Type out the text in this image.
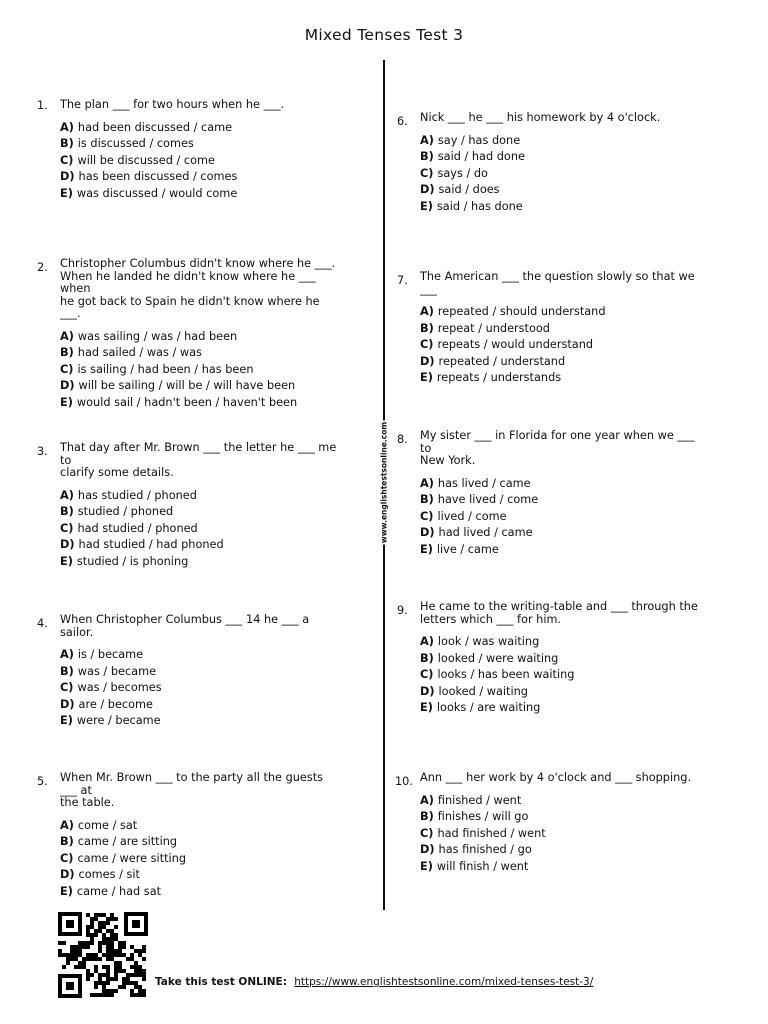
Mixed Tenses Test 3
www.englishtestsonline.com
1. The plan ___ for two hours when he ___.
A) had been discussed / came
B) is discussed / comes
C) will be discussed / come
D) has been discussed / comes
E) was discussed / would come
2. Christopher Columbus didn't know where he ___.
When he landed he didn't know where he ___ when
he got back to Spain he didn't know where he ___.
A) was sailing / was / had been
B) had sailed / was / was
C) is sailing / had been / has been
D) will be sailing / will be / will have been
E) would sail / hadn't been / haven't been
3. That day after Mr. Brown ___ the letter he ___ me to
clarify some details.
A) has studied / phoned
B) studied / phoned
C) had studied / phoned
D) had studied / had phoned
E) studied / is phoning
4. When Christopher Columbus ___ 14 he ___ a sailor.
A) is / became
B) was / became
C) was / becomes
D) are / become
E) were / became
5. When Mr. Brown ___ to the party all the guests ___ at
the table.
A) come / sat
B) came / are sitting
C) came / were sitting
D) comes / sit
E) came / had sat
6. Nick ___ he ___ his homework by 4 o'clock.
A) say / has done
B) said / had done
C) says / do
D) said / does
E) said / has done
7. The American ___ the question slowly so that we ___
A) repeated / should understand
B) repeat / understood
C) repeats / would understand
D) repeated / understand
E) repeats / understands
8. My sister ___ in Florida for one year when we ___ to
New York.
A) has lived / came
B) have lived / come
C) lived / come
D) had lived / came
E) live / came
9. He came to the writing-table and ___ through the
letters which ___ for him.
A) look / was waiting
B) looked / were waiting
C) looks / has been waiting
D) looked / waiting
E) looks / are waiting
10. Ann ___ her work by 4 o'clock and ___ shopping.
A) finished / went
B) finishes / will go
C) had finished / went
D) has finished / go
E) will finish / went
Take this test ONLINE: https://www.englishtestsonline.com/mixed-tenses-test-3/
